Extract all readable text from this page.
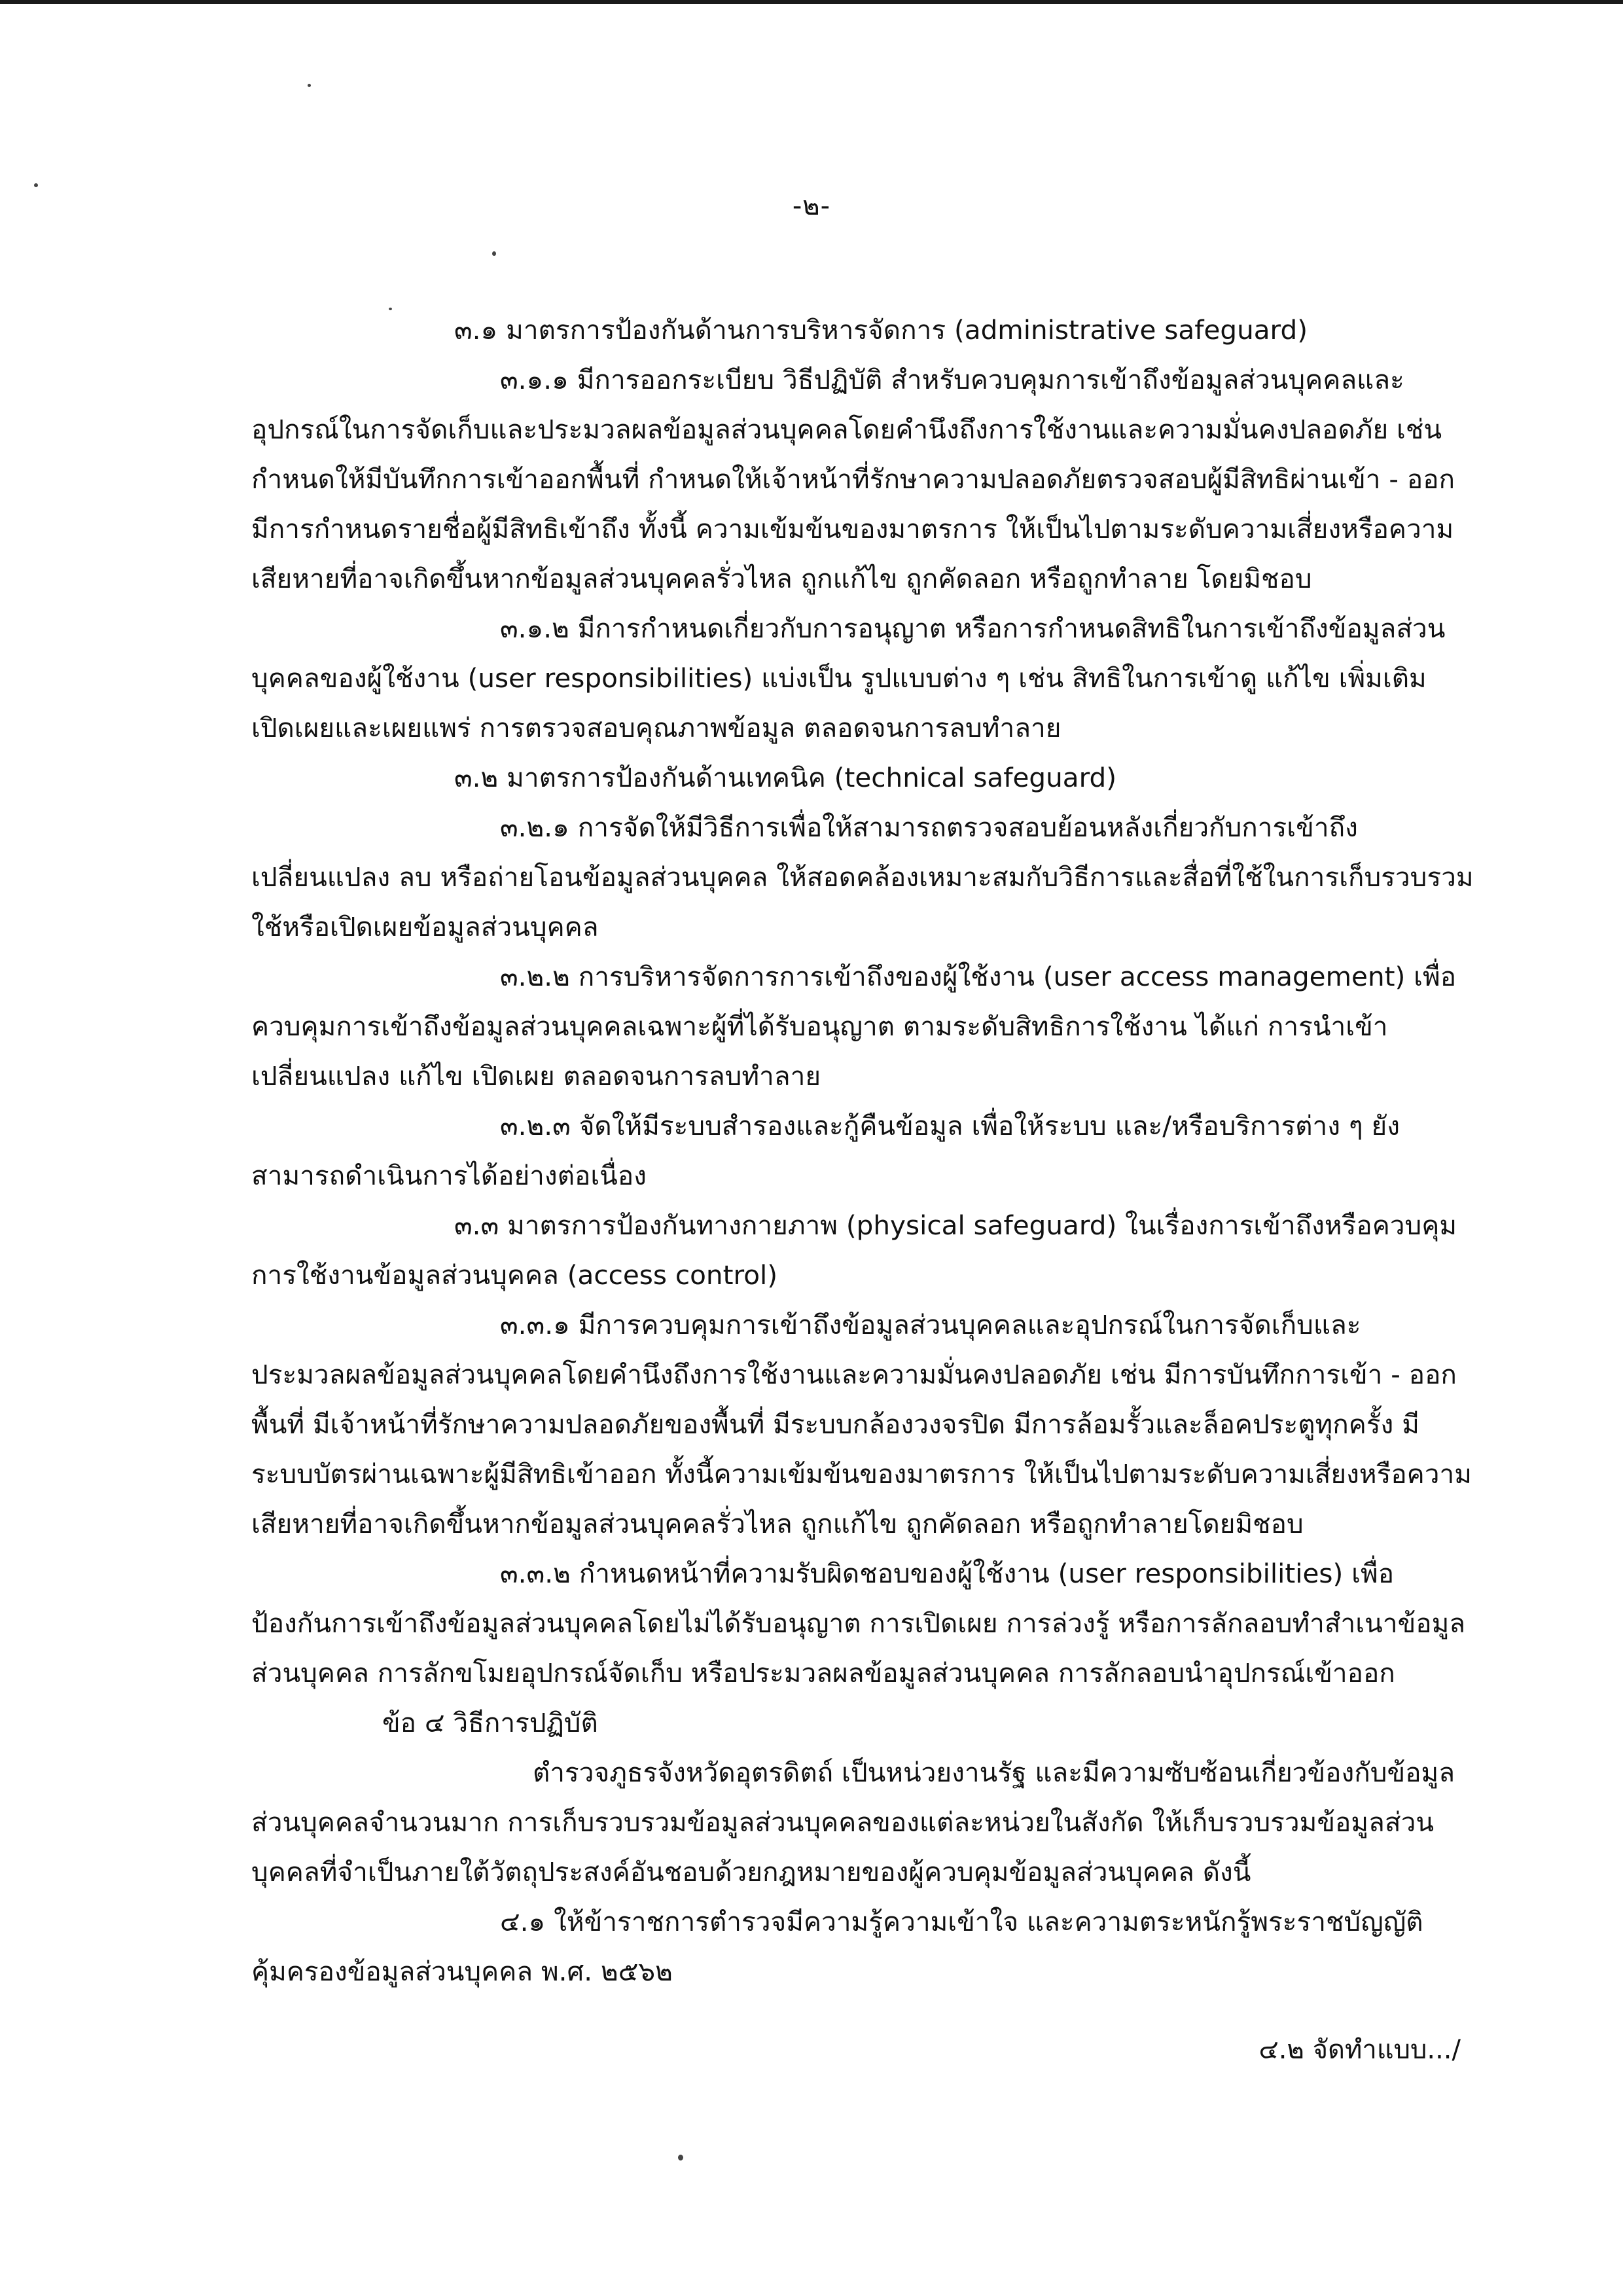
-๒-
๓.๑ มาตรการป้องกันด้านการบริหารจัดการ (administrative safeguard)
๓.๑.๑ มีการออกระเบียบ วิธีปฏิบัติ สำหรับควบคุมการเข้าถึงข้อมูลส่วนบุคคลและ
อุปกรณ์ในการจัดเก็บและประมวลผลข้อมูลส่วนบุคคลโดยคำนึงถึงการใช้งานและความมั่นคงปลอดภัย เช่น
กำหนดให้มีบันทึกการเข้าออกพื้นที่ กำหนดให้เจ้าหน้าที่รักษาความปลอดภัยตรวจสอบผู้มีสิทธิผ่านเข้า - ออก
มีการกำหนดรายชื่อผู้มีสิทธิเข้าถึง ทั้งนี้ ความเข้มข้นของมาตรการ ให้เป็นไปตามระดับความเสี่ยงหรือความ
เสียหายที่อาจเกิดขึ้นหากข้อมูลส่วนบุคคลรั่วไหล ถูกแก้ไข ถูกคัดลอก หรือถูกทำลาย โดยมิชอบ
๓.๑.๒ มีการกำหนดเกี่ยวกับการอนุญาต หรือการกำหนดสิทธิในการเข้าถึงข้อมูลส่วน
บุคคลของผู้ใช้งาน (user responsibilities) แบ่งเป็น รูปแบบต่าง ๆ เช่น สิทธิในการเข้าดู แก้ไข เพิ่มเติม
เปิดเผยและเผยแพร่ การตรวจสอบคุณภาพข้อมูล ตลอดจนการลบทำลาย
๓.๒ มาตรการป้องกันด้านเทคนิค (technical safeguard)
๓.๒.๑ การจัดให้มีวิธีการเพื่อให้สามารถตรวจสอบย้อนหลังเกี่ยวกับการเข้าถึง
เปลี่ยนแปลง ลบ หรือถ่ายโอนข้อมูลส่วนบุคคล ให้สอดคล้องเหมาะสมกับวิธีการและสื่อที่ใช้ในการเก็บรวบรวม
ใช้หรือเปิดเผยข้อมูลส่วนบุคคล
๓.๒.๒ การบริหารจัดการการเข้าถึงของผู้ใช้งาน (user access management) เพื่อ
ควบคุมการเข้าถึงข้อมูลส่วนบุคคลเฉพาะผู้ที่ได้รับอนุญาต ตามระดับสิทธิการใช้งาน ได้แก่ การนำเข้า
เปลี่ยนแปลง แก้ไข เปิดเผย ตลอดจนการลบทำลาย
๓.๒.๓ จัดให้มีระบบสำรองและกู้คืนข้อมูล เพื่อให้ระบบ และ/หรือบริการต่าง ๆ ยัง
สามารถดำเนินการได้อย่างต่อเนื่อง
๓.๓ มาตรการป้องกันทางกายภาพ (physical safeguard) ในเรื่องการเข้าถึงหรือควบคุม
การใช้งานข้อมูลส่วนบุคคล (access control)
๓.๓.๑ มีการควบคุมการเข้าถึงข้อมูลส่วนบุคคลและอุปกรณ์ในการจัดเก็บและ
ประมวลผลข้อมูลส่วนบุคคลโดยคำนึงถึงการใช้งานและความมั่นคงปลอดภัย เช่น มีการบันทึกการเข้า - ออก
พื้นที่ มีเจ้าหน้าที่รักษาความปลอดภัยของพื้นที่ มีระบบกล้องวงจรปิด มีการล้อมรั้วและล็อคประตูทุกครั้ง มี
ระบบบัตรผ่านเฉพาะผู้มีสิทธิเข้าออก ทั้งนี้ความเข้มข้นของมาตรการ ให้เป็นไปตามระดับความเสี่ยงหรือความ
เสียหายที่อาจเกิดขึ้นหากข้อมูลส่วนบุคคลรั่วไหล ถูกแก้ไข ถูกคัดลอก หรือถูกทำลายโดยมิชอบ
๓.๓.๒ กำหนดหน้าที่ความรับผิดชอบของผู้ใช้งาน (user responsibilities) เพื่อ
ป้องกันการเข้าถึงข้อมูลส่วนบุคคลโดยไม่ได้รับอนุญาต การเปิดเผย การล่วงรู้ หรือการลักลอบทำสำเนาข้อมูล
ส่วนบุคคล การลักขโมยอุปกรณ์จัดเก็บ หรือประมวลผลข้อมูลส่วนบุคคล การลักลอบนำอุปกรณ์เข้าออก
ข้อ ๔ วิธีการปฏิบัติ
ตำรวจภูธรจังหวัดอุตรดิตถ์ เป็นหน่วยงานรัฐ และมีความซับซ้อนเกี่ยวข้องกับข้อมูล
ส่วนบุคคลจำนวนมาก การเก็บรวบรวมข้อมูลส่วนบุคคลของแต่ละหน่วยในสังกัด ให้เก็บรวบรวมข้อมูลส่วน
บุคคลที่จำเป็นภายใต้วัตถุประสงค์อันชอบด้วยกฎหมายของผู้ควบคุมข้อมูลส่วนบุคคล ดังนี้
๔.๑ ให้ข้าราชการตำรวจมีความรู้ความเข้าใจ และความตระหนักรู้พระราชบัญญัติ
คุ้มครองข้อมูลส่วนบุคคล พ.ศ. ๒๕๖๒
๔.๒ จัดทำแบบ.../
